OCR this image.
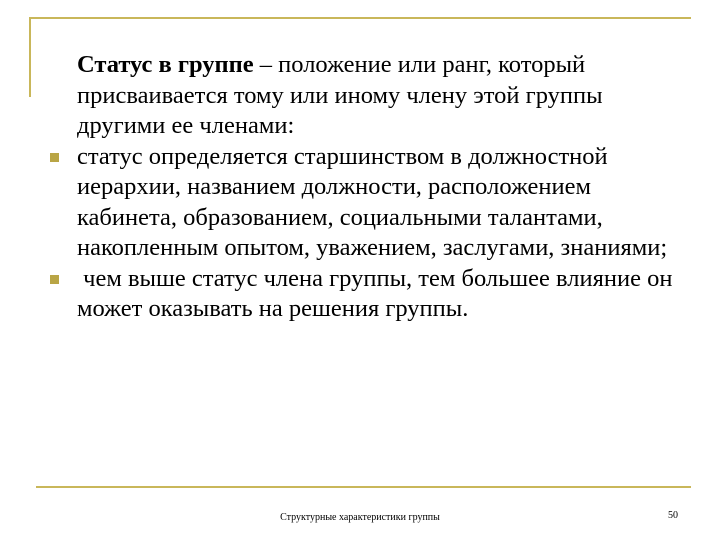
Статус в группе – положение или ранг, который присваивается тому или иному члену этой группы другими ее членами:

статус определяется старшинством в должностной иерархии, названием должности, расположением кабинета, образованием, социальными талантами, накопленным опытом, уважением, заслугами, знаниями;

чем выше статус члена группы, тем большее влияние он может оказывать на решения группы.

Структурные характеристики группы	50
